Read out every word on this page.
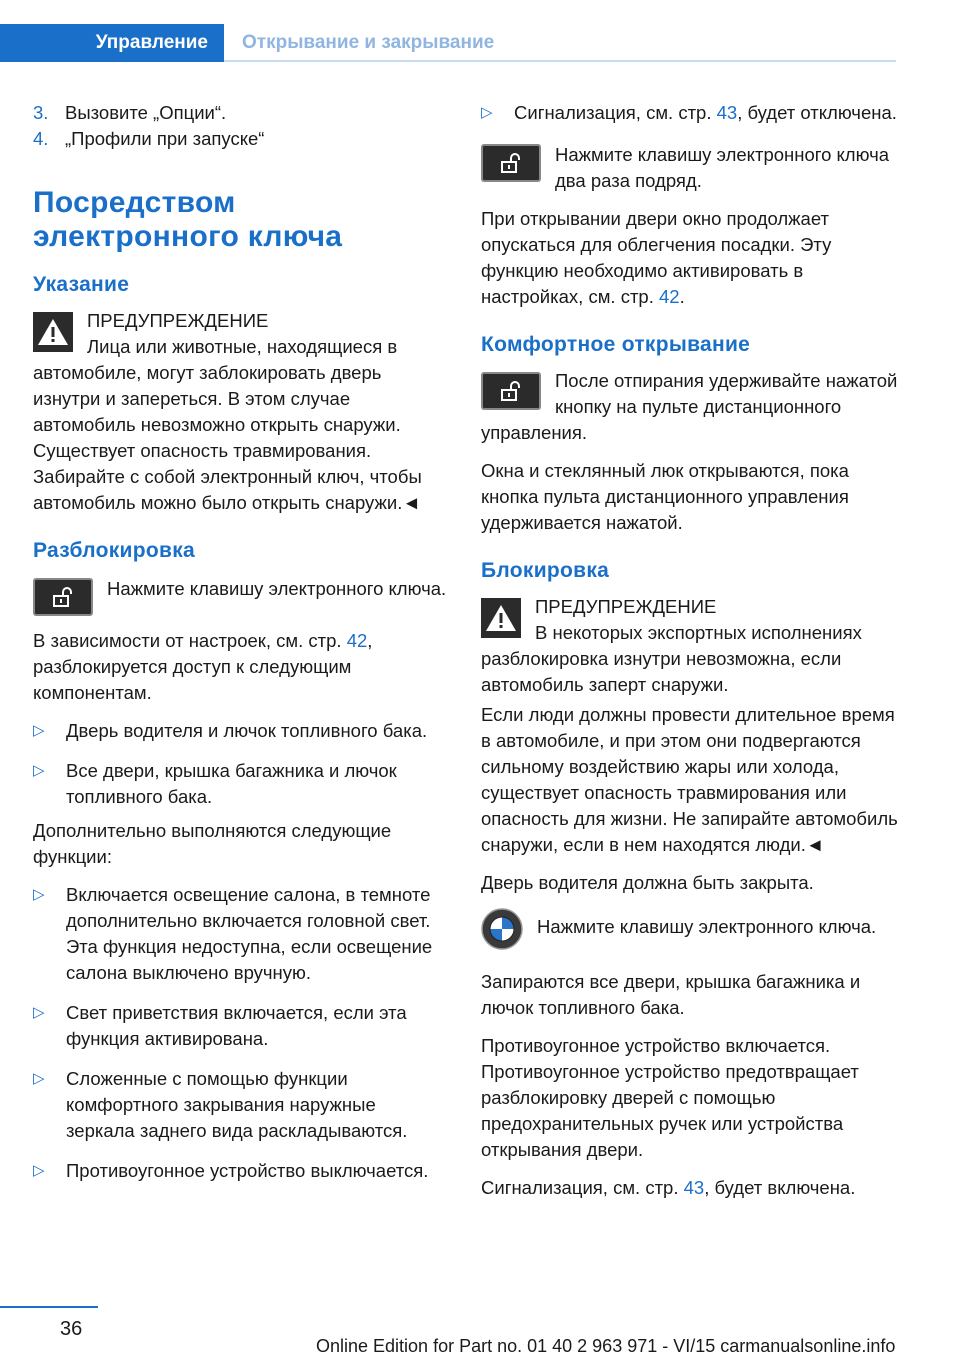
Управление	Открывание и закрывание
3. Вызовите „Опции“.
4. „Профили при запуске“
Посредством электронного ключа
Указание
ПРЕДУПРЕЖДЕНИЕ
Лица или животные, находящиеся в автомобиле, могут заблокировать дверь изнутри и запереться. В этом случае автомобиль невозможно открыть снаружи. Существует опасность травмирования. Забирайте с собой электронный ключ, чтобы автомобиль можно было открыть снаружи.◄
Разблокировка
Нажмите клавишу электронного ключа.

В зависимости от настроек, см. стр. 42, разблокируется доступ к следующим компонентам.

▷	Дверь водителя и лючок топливного бака.
▷	Все двери, крышка багажника и лючок топливного бака.

Дополнительно выполняются следующие функции:

▷	Включается освещение салона, в темноте дополнительно включается головной свет. Эта функция недоступна, если освещение салона выключено вручную.
▷	Свет приветствия включается, если эта функция активирована.
▷	Сложенные с помощью функции комфортного закрывания наружные зеркала заднего вида раскладываются.
▷	Противоугонное устройство выключается.
▷	Сигнализация, см. стр. 43, будет отключена.
Нажмите клавишу электронного ключа два раза подряд.

При открывании двери окно продолжает опускаться для облегчения посадки. Эту функцию необходимо активировать в настройках, см. стр. 42.

Комфортное открывание
После отпирания удерживайте нажатой кнопку на пульте дистанционного управления.

Окна и стеклянный люк открываются, пока кнопка пульта дистанционного управления удерживается нажатой.

Блокировка
ПРЕДУПРЕЖДЕНИЕ
В некоторых экспортных исполнениях разблокировка изнутри невозможна, если автомобиль заперт снаружи.

Если люди должны провести длительное время в автомобиле, и при этом они подвергаются сильному воздействию жары или холода, существует опасность травмирования или опасность для жизни. Не запирайте автомобиль снаружи, если в нем находятся люди.◄

Дверь водителя должна быть закрыта.

Нажмите клавишу электронного ключа.

Запираются все двери, крышка багажника и лючок топливного бака.

Противоугонное устройство включается.

Противоугонное устройство предотвращает разблокировку дверей с помощью предохранительных ручек или устройства открывания двери.

Сигнализация, см. стр. 43, будет включена.

36
Online Edition for Part no. 01 40 2 963 971 - VI/15 carmanualsonline.info
